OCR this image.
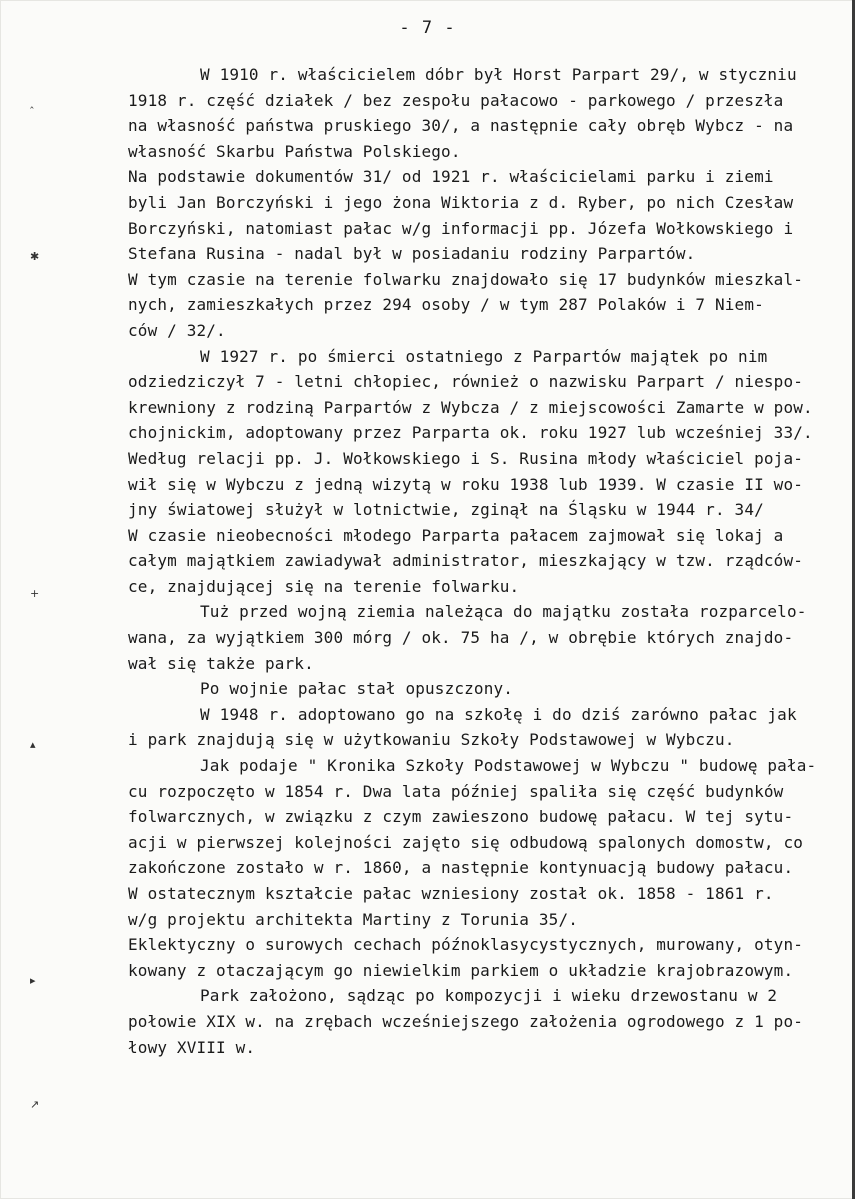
- 7 -
‸
✱
+
▴
▸
↗
W 1910 r. właścicielem dóbr był Horst Parpart 29/, w styczniu
1918 r. część działek / bez zespołu pałacowo - parkowego / przeszła
na własność państwa pruskiego 30/, a następnie cały obręb Wybcz - na
własność Skarbu Państwa Polskiego.
Na podstawie dokumentów 31/ od 1921 r. właścicielami parku i ziemi
byli Jan Borczyński i jego żona Wiktoria z d. Ryber, po nich Czesław
Borczyński, natomiast pałac w/g informacji pp. Józefa Wołkowskiego i
Stefana Rusina - nadal był w posiadaniu rodziny Parpartów.
W tym czasie na terenie folwarku znajdowało się 17 budynków mieszkal-
nych, zamieszkałych przez 294 osoby / w tym 287 Polaków i 7 Niem-
ców / 32/.
W 1927 r. po śmierci ostatniego z Parpartów majątek po nim
odziedziczył 7 - letni chłopiec, również o nazwisku Parpart / niespo-
krewniony z rodziną Parpartów z Wybcza / z miejscowości Zamarte w pow.
chojnickim, adoptowany przez Parparta ok. roku 1927 lub wcześniej 33/.
Według relacji pp. J. Wołkowskiego i S. Rusina młody właściciel poja-
wił się w Wybczu z jedną wizytą w roku 1938 lub 1939. W czasie II wo-
jny światowej służył w lotnictwie, zginął na Śląsku w 1944 r. 34/
W czasie nieobecności młodego Parparta pałacem zajmował się lokaj a
całym majątkiem zawiadywał administrator, mieszkający w tzw. rządców-
ce, znajdującej się na terenie folwarku.
Tuż przed wojną ziemia należąca do majątku została rozparcelo-
wana, za wyjątkiem 300 mórg / ok. 75 ha /, w obrębie których znajdo-
wał się także park.
Po wojnie pałac stał opuszczony.
W 1948 r. adoptowano go na szkołę i do dziś zarówno pałac jak
i park znajdują się w użytkowaniu Szkoły Podstawowej w Wybczu.
Jak podaje " Kronika Szkoły Podstawowej w Wybczu " budowę pała-
cu rozpoczęto w 1854 r. Dwa lata później spaliła się część budynków
folwarcznych, w związku z czym zawieszono budowę pałacu. W tej sytu-
acji w pierwszej kolejności zajęto się odbudową spalonych domostw, co
zakończone zostało w r. 1860, a następnie kontynuacją budowy pałacu.
W ostatecznym kształcie pałac wzniesiony został ok. 1858 - 1861 r.
w/g projektu architekta Martiny z Torunia 35/.
Eklektyczny o surowych cechach późnoklasycystycznych, murowany, otyn-
kowany z otaczającym go niewielkim parkiem o układzie krajobrazowym.
Park założono, sądząc po kompozycji i wieku drzewostanu w 2
połowie XIX w. na zrębach wcześniejszego założenia ogrodowego z 1 po-
łowy XVIII w.
